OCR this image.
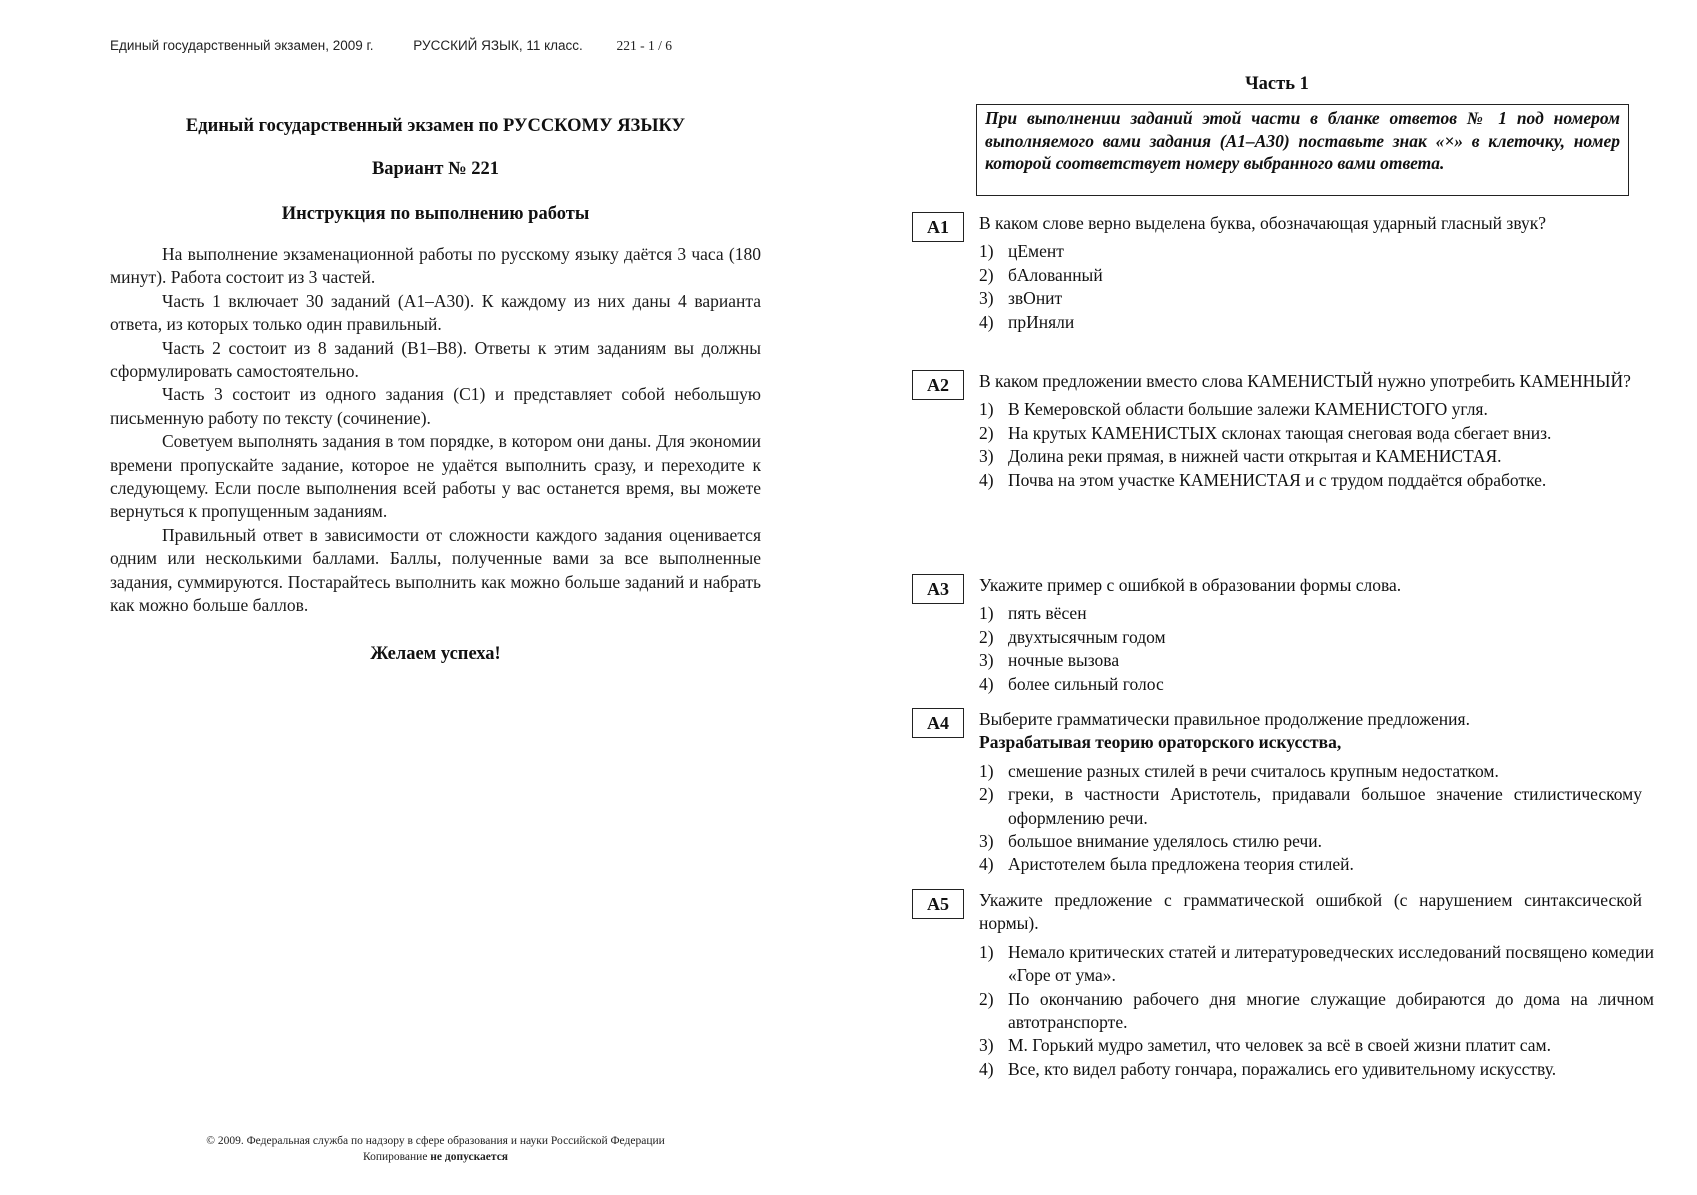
Единый государственный экзамен, 2009 г.	РУССКИЙ ЯЗЫК, 11 класс.	221 - 1 / 6
Единый государственный экзамен по РУССКОМУ ЯЗЫКУ
Вариант № 221
Инструкция по выполнению работы

На выполнение экзаменационной работы по русскому языку даётся 3 часа (180 минут). Работа состоит из 3 частей.

Часть 1 включает 30 заданий (А1–А30). К каждому из них даны 4 варианта ответа, из которых только один правильный.

Часть 2 состоит из 8 заданий (В1–В8). Ответы к этим заданиям вы должны сформулировать самостоятельно.

Часть 3 состоит из одного задания (С1) и представляет собой небольшую письменную работу по тексту (сочинение).

Советуем выполнять задания в том порядке, в котором они даны. Для экономии времени пропускайте задание, которое не удаётся выполнить сразу, и переходите к следующему. Если после выполнения всей работы у вас останется время, вы можете вернуться к пропущенным заданиям.

Правильный ответ в зависимости от сложности каждого задания оценивается одним или несколькими баллами. Баллы, полученные вами за все выполненные задания, суммируются. Постарайтесь выполнить как можно больше заданий и набрать как можно больше баллов.

Желаем успеха!
© 2009. Федеральная служба по надзору в сфере образования и науки Российской Федерации
Копирование не допускается
Часть 1
При выполнении заданий этой части в бланке ответов № 1 под номером выполняемого вами задания (А1–А30) поставьте знак «×» в клеточку, номер которой соответствует номеру выбранного вами ответа.
А1	В каком слове верно выделена буква, обозначающая ударный гласный звук?

1) цЕмент
2) бАлованный
3) звОнит
4) прИняли
А2	В каком предложении вместо слова КАМЕНИСТЫЙ нужно употребить КАМЕННЫЙ?

1) В Кемеровской области большие залежи КАМЕНИСТОГО угля.
2) На крутых КАМЕНИСТЫХ склонах тающая снеговая вода сбегает вниз.
3) Долина реки прямая, в нижней части открытая и КАМЕНИСТАЯ.
4) Почва на этом участке КАМЕНИСТАЯ и с трудом поддаётся обработке.
А3	Укажите пример с ошибкой в образовании формы слова.

1) пять вёсен
2) двухтысячным годом
3) ночные вызова
4) более сильный голос
А4	Выберите грамматически правильное продолжение предложения.

Разрабатывая теорию ораторского искусства,

1) смешение разных стилей в речи считалось крупным недостатком.
2) греки, в частности Аристотель, придавали большое значение стилистическому оформлению речи.
3) большое внимание уделялось стилю речи.
4) Аристотелем была предложена теория стилей.
А5	Укажите предложение с грамматической ошибкой (с нарушением синтаксической нормы).

1) Немало критических статей и литературоведческих исследований посвящено комедии «Горе от ума».
2) По окончанию рабочего дня многие служащие добираются до дома на личном автотранспорте.
3) М. Горький мудро заметил, что человек за всё в своей жизни платит сам.
4) Все, кто видел работу гончара, поражались его удивительному искусству.
